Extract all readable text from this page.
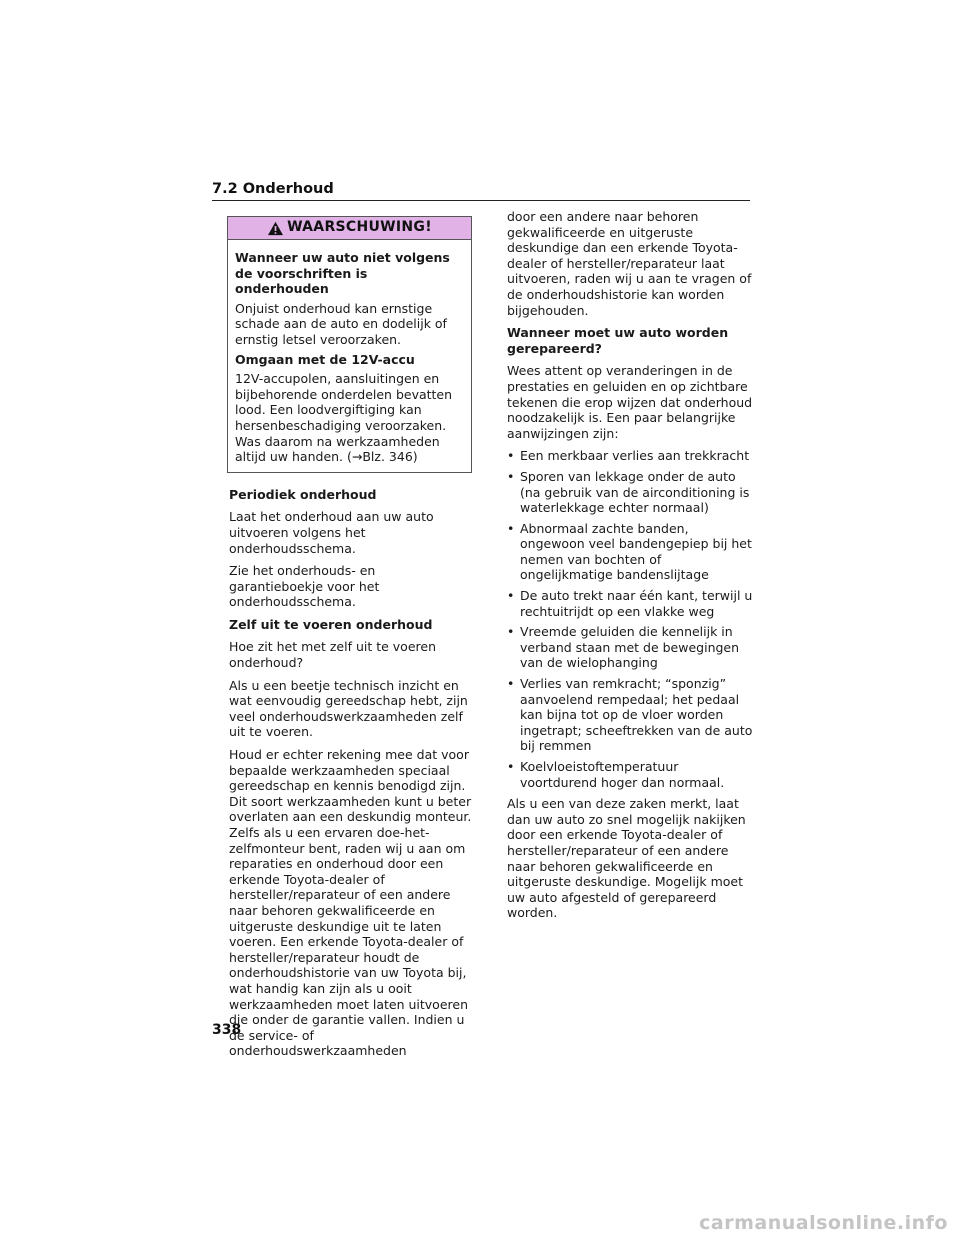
7.2 Onderhoud
WAARSCHUWING!

Wanneer uw auto niet volgens de voorschriften is onderhouden

Onjuist onderhoud kan ernstige schade aan de auto en dodelijk of ernstig letsel veroorzaken.

Omgaan met de 12V-accu

12V-accupolen, aansluitingen en bijbehorende onderdelen bevatten lood. Een loodvergiftiging kan hersenbeschadiging veroorzaken. Was daarom na werkzaamheden altijd uw handen. (→Blz. 346)

Periodiek onderhoud

Laat het onderhoud aan uw auto uitvoeren volgens het onderhoudsschema.

Zie het onderhouds- en garantieboekje voor het onderhoudsschema.

Zelf uit te voeren onderhoud

Hoe zit het met zelf uit te voeren onderhoud?

Als u een beetje technisch inzicht en wat eenvoudig gereedschap hebt, zijn veel onderhoudswerkzaamheden zelf uit te voeren.

Houd er echter rekening mee dat voor bepaalde werkzaamheden speciaal gereedschap en kennis benodigd zijn. Dit soort werkzaamheden kunt u beter overlaten aan een deskundig monteur. Zelfs als u een ervaren doe-het-zelfmonteur bent, raden wij u aan om reparaties en onderhoud door een erkende Toyota-dealer of hersteller/reparateur of een andere naar behoren gekwalificeerde en uitgeruste deskundige uit te laten voeren. Een erkende Toyota-dealer of hersteller/reparateur houdt de onderhoudshistorie van uw Toyota bij, wat handig kan zijn als u ooit werkzaamheden moet laten uitvoeren die onder de garantie vallen. Indien u de service- of onderhoudswerkzaamheden

door een andere naar behoren gekwalificeerde en uitgeruste deskundige dan een erkende Toyota-dealer of hersteller/reparateur laat uitvoeren, raden wij u aan te vragen of de onderhoudshistorie kan worden bijgehouden.

Wanneer moet uw auto worden gerepareerd?

Wees attent op veranderingen in de prestaties en geluiden en op zichtbare tekenen die erop wijzen dat onderhoud noodzakelijk is. Een paar belangrijke aanwijzingen zijn:

• Een merkbaar verlies aan trekkracht
• Sporen van lekkage onder de auto (na gebruik van de airconditioning is waterlekkage echter normaal)
• Abnormaal zachte banden, ongewoon veel bandengepiep bij het nemen van bochten of ongelijkmatige bandenslijtage
• De auto trekt naar één kant, terwijl u rechtuitrijdt op een vlakke weg
• Vreemde geluiden die kennelijk in verband staan met de bewegingen van de wielophanging
• Verlies van remkracht; “sponzig” aanvoelend rempedaal; het pedaal kan bijna tot op de vloer worden ingetrapt; scheeftrekken van de auto bij remmen
• Koelvloeistoftemperatuur voortdurend hoger dan normaal.

Als u een van deze zaken merkt, laat dan uw auto zo snel mogelijk nakijken door een erkende Toyota-dealer of hersteller/reparateur of een andere naar behoren gekwalificeerde en uitgeruste deskundige. Mogelijk moet uw auto afgesteld of gerepareerd worden.

338
carmanualsonline.info
